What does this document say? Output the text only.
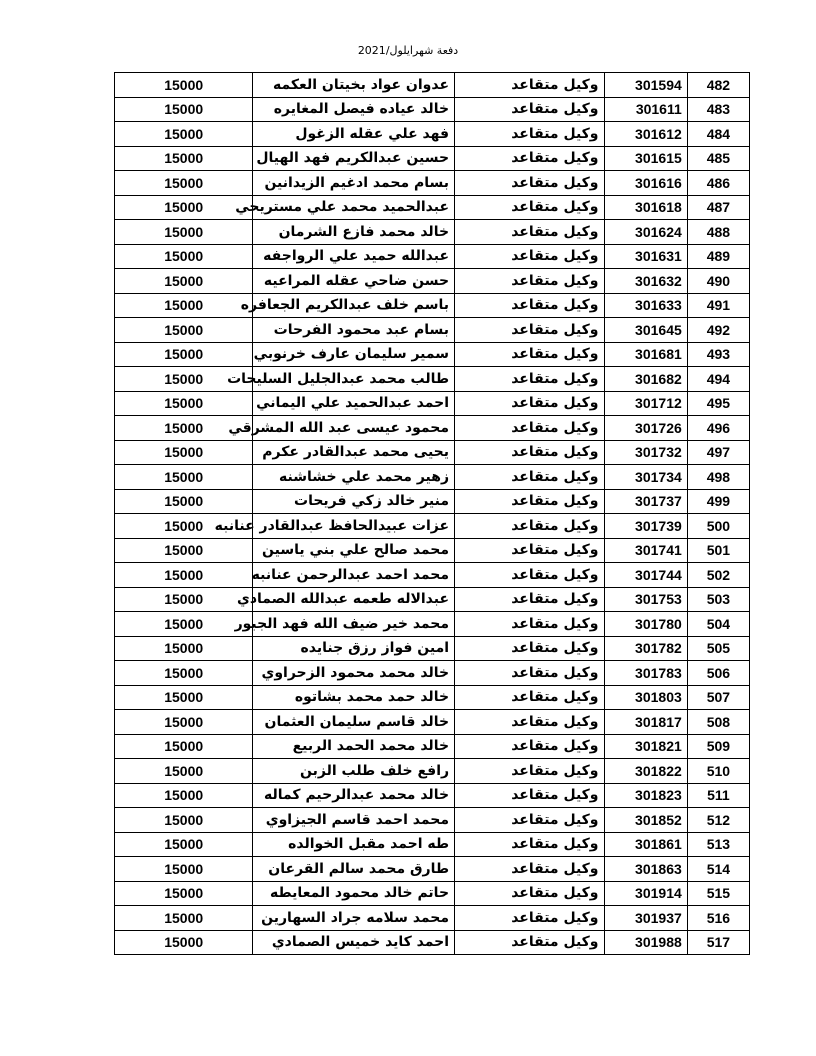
دفعة شهرايلول/2021
15000	عدوان عواد بخيتان العكمه	وكيل متقاعد	301594	482
15000	خالد عياده فيصل المغايره	وكيل متقاعد	301611	483
15000	فهد علي عقله الزغول	وكيل متقاعد	301612	484
15000	حسين عبدالكريم فهد الهيال	وكيل متقاعد	301615	485
15000	بسام محمد ادغيم الزيدانين	وكيل متقاعد	301616	486
15000	عبدالحميد محمد علي مستريحي	وكيل متقاعد	301618	487
15000	خالد محمد فازع الشرمان	وكيل متقاعد	301624	488
15000	عبدالله حميد علي الرواجفه	وكيل متقاعد	301631	489
15000	حسن ضاحي عقله المراعيه	وكيل متقاعد	301632	490
15000	باسم خلف عبدالكريم الجعافره	وكيل متقاعد	301633	491
15000	بسام عبد محمود الفرحات	وكيل متقاعد	301645	492
15000	سمير سليمان عارف خرنوبي	وكيل متقاعد	301681	493
15000	طالب محمد عبدالجليل السليحات	وكيل متقاعد	301682	494
15000	احمد عبدالحميد علي اليماني	وكيل متقاعد	301712	495
15000	محمود عيسى عبد الله المشرقي	وكيل متقاعد	301726	496
15000	يحيى محمد عبدالقادر عكرم	وكيل متقاعد	301732	497
15000	زهير محمد علي خشاشنه	وكيل متقاعد	301734	498
15000	منير خالد زكي فريحات	وكيل متقاعد	301737	499
15000	عزات عبيدالحافظ عبدالقادر عنانبه	وكيل متقاعد	301739	500
15000	محمد صالح علي بني ياسين	وكيل متقاعد	301741	501
15000	محمد احمد عبدالرحمن عنانبه	وكيل متقاعد	301744	502
15000	عبدالاله طعمه عبدالله الصمادي	وكيل متقاعد	301753	503
15000	محمد خير ضيف الله فهد الجبور	وكيل متقاعد	301780	504
15000	امين فواز رزق جنايده	وكيل متقاعد	301782	505
15000	خالد محمد محمود الزحراوي	وكيل متقاعد	301783	506
15000	خالد حمد محمد بشاتوه	وكيل متقاعد	301803	507
15000	خالد قاسم سليمان العثمان	وكيل متقاعد	301817	508
15000	خالد محمد الحمد الربيع	وكيل متقاعد	301821	509
15000	رافع خلف طلب الزبن	وكيل متقاعد	301822	510
15000	خالد محمد عبدالرحيم كماله	وكيل متقاعد	301823	511
15000	محمد احمد قاسم الجيزاوي	وكيل متقاعد	301852	512
15000	طه احمد مقبل الخوالده	وكيل متقاعد	301861	513
15000	طارق محمد سالم القرعان	وكيل متقاعد	301863	514
15000	حاتم خالد محمود المعايطه	وكيل متقاعد	301914	515
15000	محمد سلامه جراد السهارين	وكيل متقاعد	301937	516
15000	احمد كايد خميس الصمادي	وكيل متقاعد	301988	517
